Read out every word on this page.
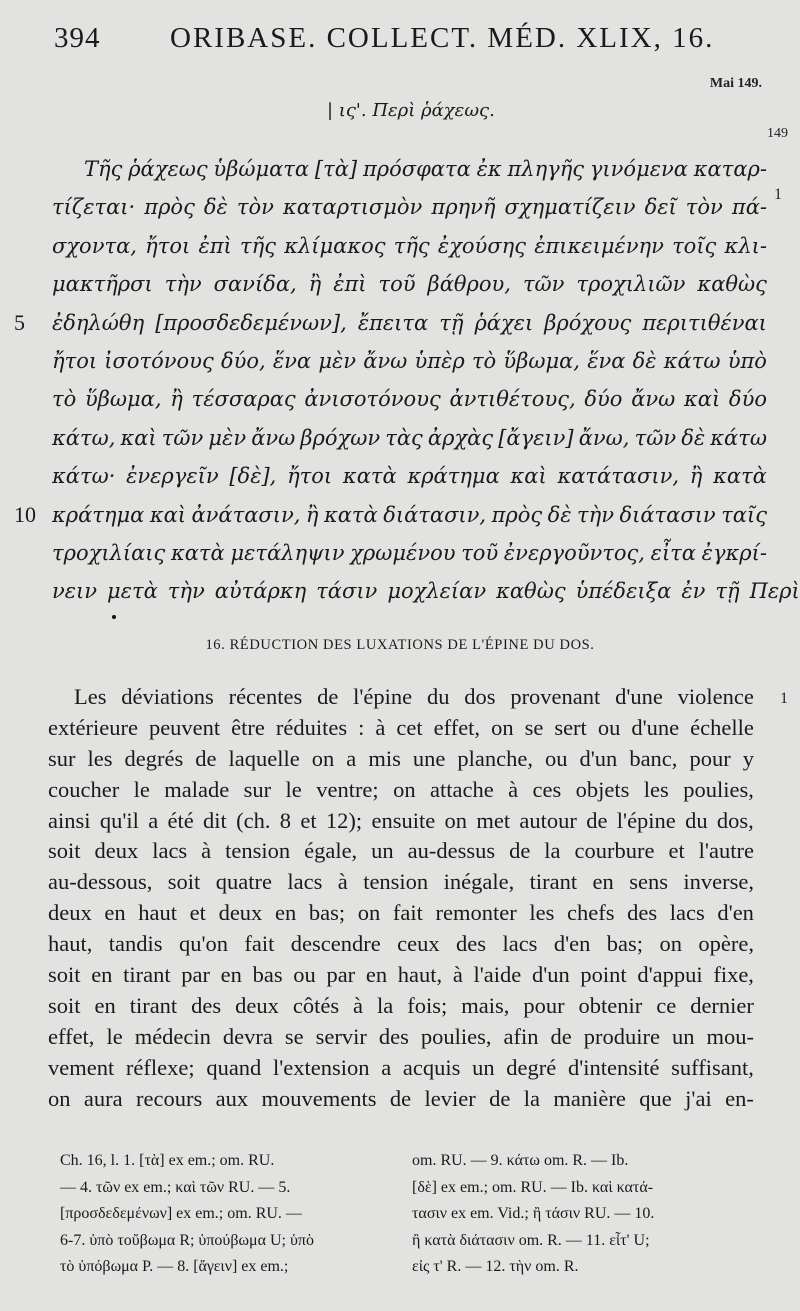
394 ORIBASE. COLLECT. MÉD. XLIX, 16.
Mai 149.
149
1
1
| ις'. Περὶ ῥάχεως.
Τῆς ῥάχεως ὑβώματα [τὰ] πρόσφατα ἐκ πληγῆς γινόμενα καταρ-
τίζεται· πρὸς δὲ τὸν καταρτισμὸν πρηνῆ σχηματίζειν δεῖ τὸν πά-
σχοντα, ἤτοι ἐπὶ τῆς κλίμακος τῆς ἐχούσης ἐπικειμένην τοῖς κλι-
μακτῆρσι τὴν σανίδα, ἢ ἐπὶ τοῦ βάθρου, τῶν τροχιλιῶν καθὼς
5 ἐδηλώθη [προσδεδεμένων], ἔπειτα τῇ ῥάχει βρόχους περιτιθέναι
ἤτοι ἰσοτόνους δύο, ἕνα μὲν ἄνω ὑπὲρ τὸ ὕβωμα, ἕνα δὲ κάτω ὑπὸ
τὸ ὕβωμα, ἢ τέσσαρας ἀνισοτόνους ἀντιθέτους, δύο ἄνω καὶ δύο
κάτω, καὶ τῶν μὲν ἄνω βρόχων τὰς ἀρχὰς [ἄγειν] ἄνω, τῶν δὲ κάτω
κάτω· ἐνεργεῖν [δὲ], ἤτοι κατὰ κράτημα καὶ κατάτασιν, ἢ κατὰ
10 κράτημα καὶ ἀνάτασιν, ἢ κατὰ διάτασιν, πρὸς δὲ τὴν διάτασιν ταῖς
τροχιλίαις κατὰ μετάληψιν χρωμένου τοῦ ἐνεργοῦντος, εἶτα ἐγκρί-
νειν μετὰ τὴν αὐτάρκη τάσιν μοχλείαν καθὼς ὑπέδειξα ἐν τῇ Περὶ
16. RÉDUCTION DES LUXATIONS DE L'ÉPINE DU DOS.
Les déviations récentes de l'épine du dos provenant d'une violence
extérieure peuvent être réduites : à cet effet, on se sert ou d'une échelle
sur les degrés de laquelle on a mis une planche, ou d'un banc, pour y
coucher le malade sur le ventre; on attache à ces objets les poulies,
ainsi qu'il a été dit (ch. 8 et 12); ensuite on met autour de l'épine du dos,
soit deux lacs à tension égale, un au-dessus de la courbure et l'autre
au-dessous, soit quatre lacs à tension inégale, tirant en sens inverse,
deux en haut et deux en bas; on fait remonter les chefs des lacs d'en
haut, tandis qu'on fait descendre ceux des lacs d'en bas; on opère,
soit en tirant par en bas ou par en haut, à l'aide d'un point d'appui fixe,
soit en tirant des deux côtés à la fois; mais, pour obtenir ce dernier
effet, le médecin devra se servir des poulies, afin de produire un mou-
vement réflexe; quand l'extension a acquis un degré d'intensité suffisant,
on aura recours aux mouvements de levier de la manière que j'ai en-
Ch. 16, l. 1. [τὰ] ex em.; om. RU.
— 4. τῶν ex em.; καὶ τῶν RU. — 5.
[προσδεδεμένων] ex em.; om. RU. —
6-7. ὑπὸ τοὔβωμα R; ὑπούβωμα U; ὑπὸ
τὸ ὑπόβωμα P. — 8. [ἄγειν] ex em.;
om. RU. — 9. κάτω om. R. — Ib.
[δὲ] ex em.; om. RU. — Ib. καὶ κατά-
τασιν ex em. Vid.; ἢ τάσιν RU. — 10.
ἢ κατὰ διάτασιν om. R. — 11. εἶτ' U;
εἰς τ' R. — 12. τὴν om. R.
